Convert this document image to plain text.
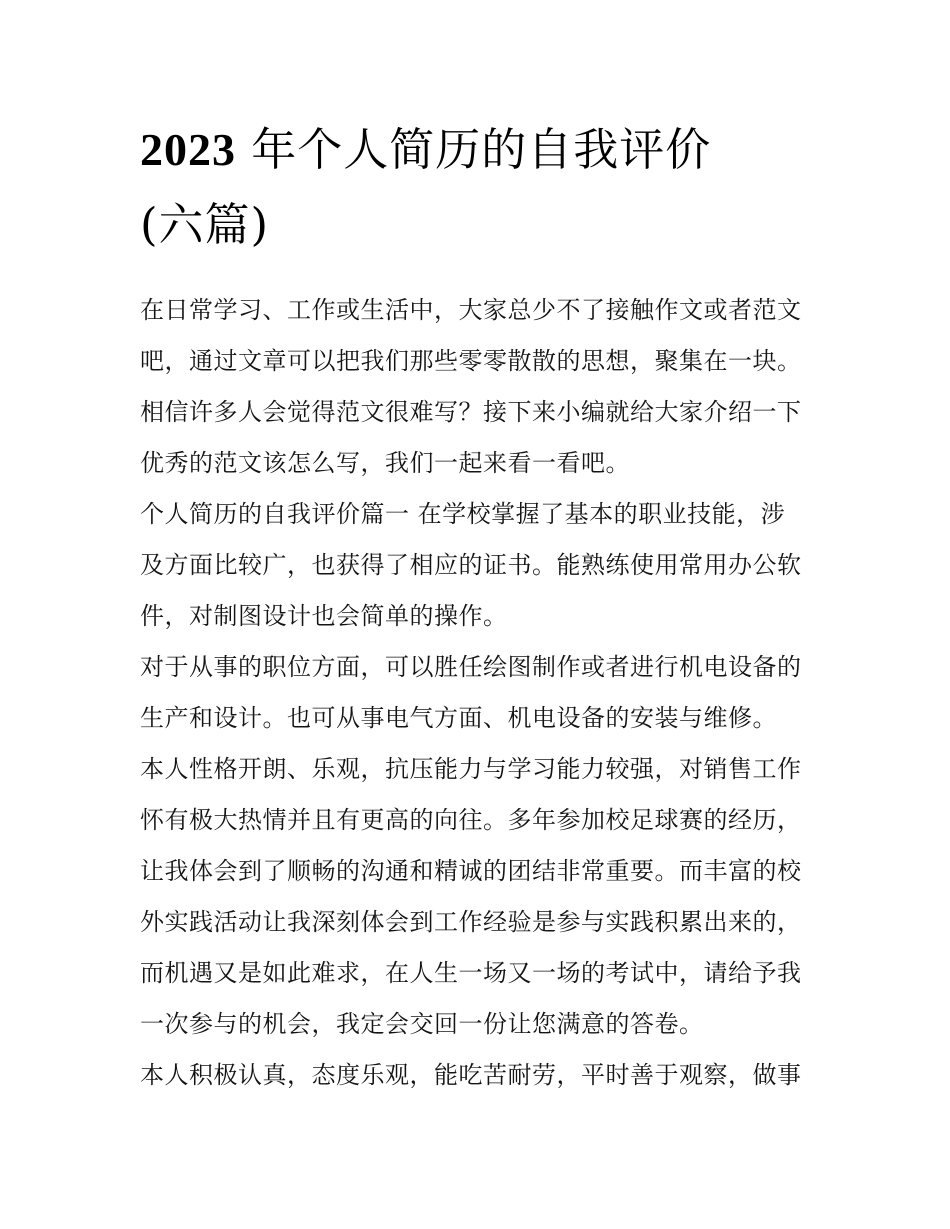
2023 年个人简历的自我评价
(六篇)

在日常学习、工作或生活中，大家总少不了接触作文或者范文
吧，通过文章可以把我们那些零零散散的思想，聚集在一块。
相信许多人会觉得范文很难写？接下来小编就给大家介绍一下
优秀的范文该怎么写，我们一起来看一看吧。

个人简历的自我评价篇一 在学校掌握了基本的职业技能，涉
及方面比较广，也获得了相应的证书。能熟练使用常用办公软
件，对制图设计也会简单的操作。

对于从事的职位方面，可以胜任绘图制作或者进行机电设备的
生产和设计。也可从事电气方面、机电设备的安装与维修。

本人性格开朗、乐观，抗压能力与学习能力较强，对销售工作
怀有极大热情并且有更高的向往。多年参加校足球赛的经历，
让我体会到了顺畅的沟通和精诚的团结非常重要。而丰富的校
外实践活动让我深刻体会到工作经验是参与实践积累出来的，
而机遇又是如此难求，在人生一场又一场的考试中，请给予我
一次参与的机会，我定会交回一份让您满意的答卷。

本人积极认真，态度乐观，能吃苦耐劳，平时善于观察，做事
